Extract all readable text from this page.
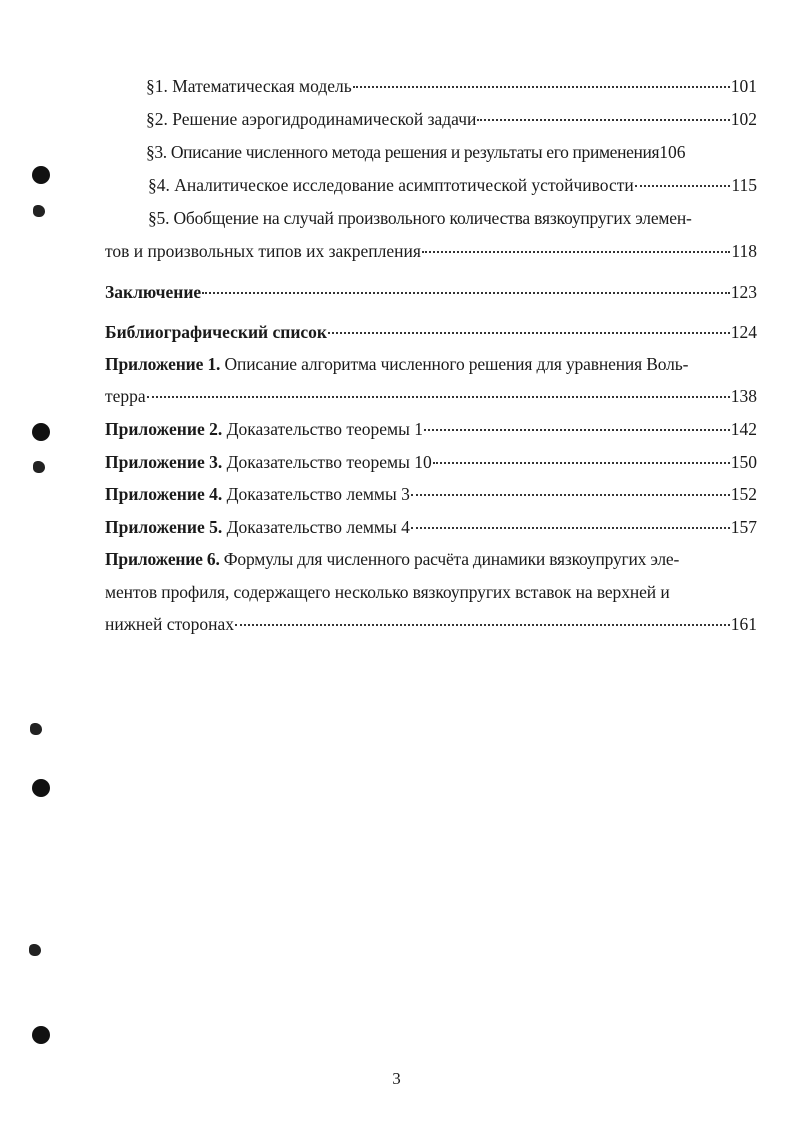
§1. Математическая модель	101
§2. Решение аэрогидродинамической задачи	102
§3. Описание численного метода решения и результаты его применения 106
§4. Аналитическое исследование асимптотической устойчивости	115
§5. Обобщение на случай произвольного количества вязкоупругих элемен-
тов и произвольных типов их закрепления	118
Заключение	123
Библиографический список	124
Приложение 1. Описание алгоритма численного решения для уравнения Воль-
терра	138
Приложение 2. Доказательство теоремы 1	142
Приложение 3. Доказательство теоремы 10	150
Приложение 4. Доказательство леммы 3	152
Приложение 5. Доказательство леммы 4	157
Приложение 6. Формулы для численного расчёта динамики вязкоупругих эле-
ментов профиля, содержащего несколько вязкоупругих вставок на верхней и
нижней сторонах	161
3
